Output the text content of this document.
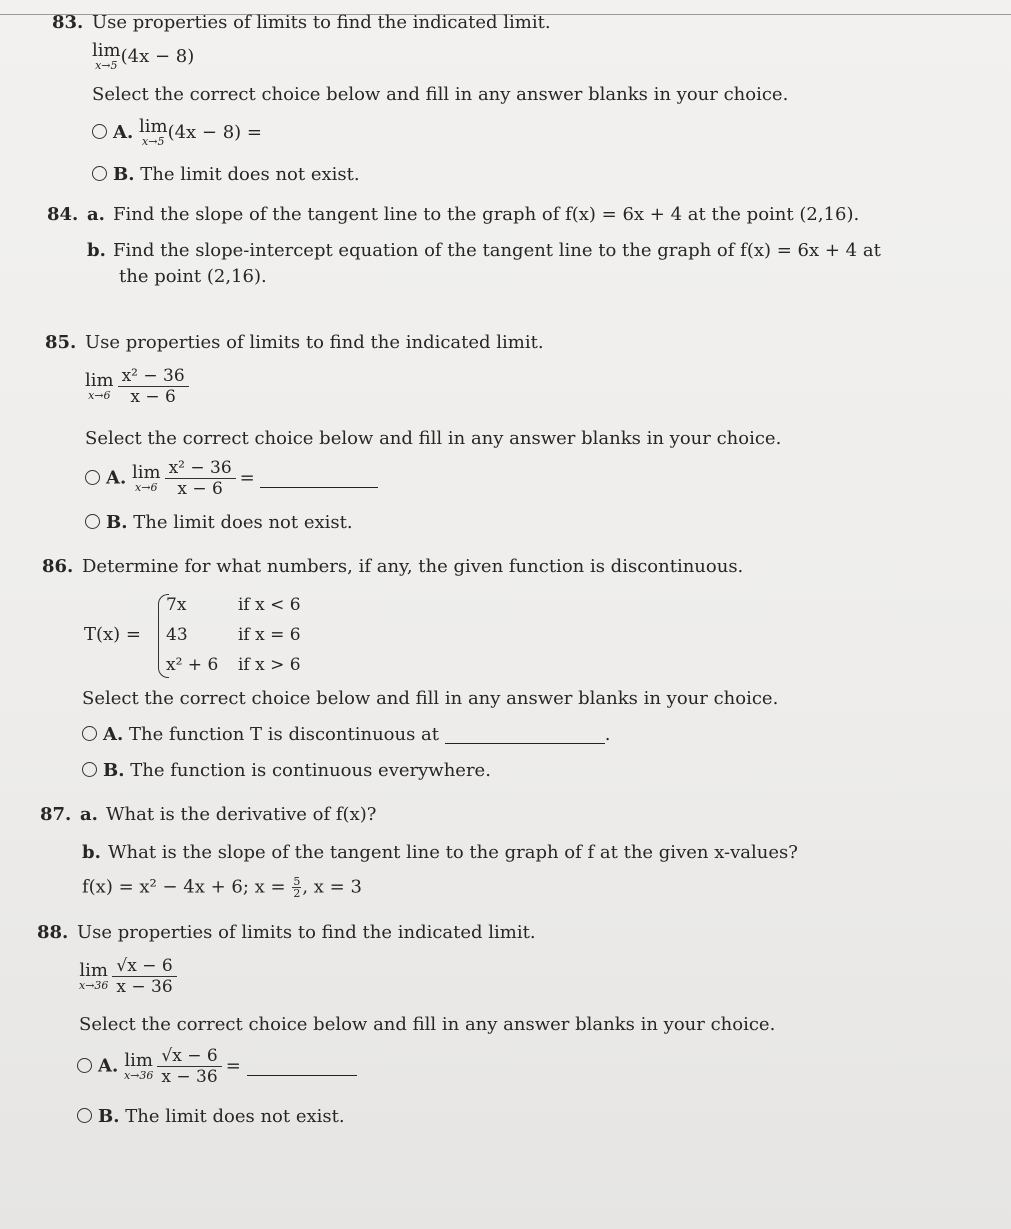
83. Use properties of limits to find the indicated limit.
lim
x→5 (4x − 8)
Select the correct choice below and fill in any answer blanks in your choice.
A. lim
x→5 (4x − 8) =
B. The limit does not exist.
84. a. Find the slope of the tangent line to the graph of f(x) = 6x + 4 at the point (2,16).
b. Find the slope-intercept equation of the tangent line to the graph of f(x) = 6x + 4 at
the point (2,16).
85. Use properties of limits to find the indicated limit.
lim
$x\to 6 \frac{\text{x² − 36}}{x - 6}$
Select the correct choice below and fill in any answer blanks in your choice.
A. lim
$x\to 6 \frac{\text{x² − 36}}{x - 6}$ =
B. The limit does not exist.
86. Determine for what numbers, if any, the given function is discontinuous.
T(x) =
7x	if x < 6
43	if x = 6
x² + 6 if x > 6
Select the correct choice below and fill in any answer blanks in your choice.
A. The function T is discontinuous at	.
B. The function is continuous everywhere.
87. a. What is the derivative of f(x)?
b. What is the slope of the tangent line to the graph of f at the given x-values?
f(x) = x² − 4x + 6; $x = \frac{5}{2}$ , x = 3
88. Use properties of limits to find the indicated limit.
lim
$x\to 36 \frac{√x - 6}{x - 36}$
Select the correct choice below and fill in any answer blanks in your choice.
A. lim
$x\to 36 \frac{√x - 6}{x - 36}$ =
B. The limit does not exist.
